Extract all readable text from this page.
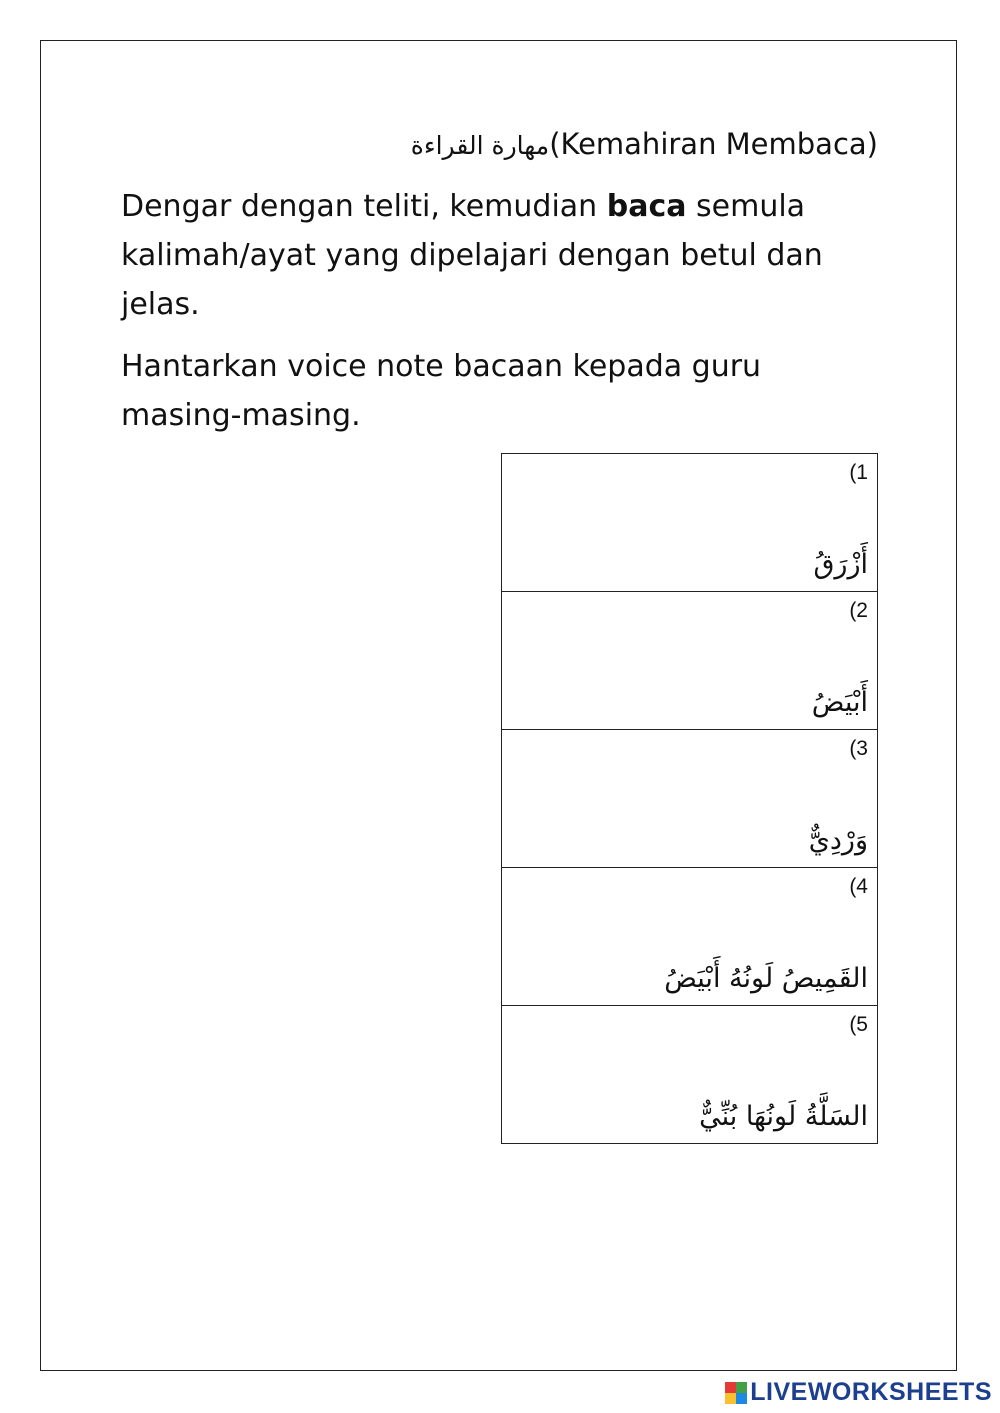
مهارة القراءة(Kemahiran Membaca)

Dengar dengan teliti, kemudian baca semula kalimah/ayat yang dipelajari dengan betul dan jelas.

Hantarkan voice note bacaan kepada guru masing-masing.

(1
أَزْرَقُ

(2
أَبْيَضُ

(3
وَرْدِيٌّ

(4
القَمِيصُ لَونُهُ أَبْيَضُ

(5
السَلَّةُ لَونُهَا بُنِّيٌّ
LIVEWORKSHEETS
